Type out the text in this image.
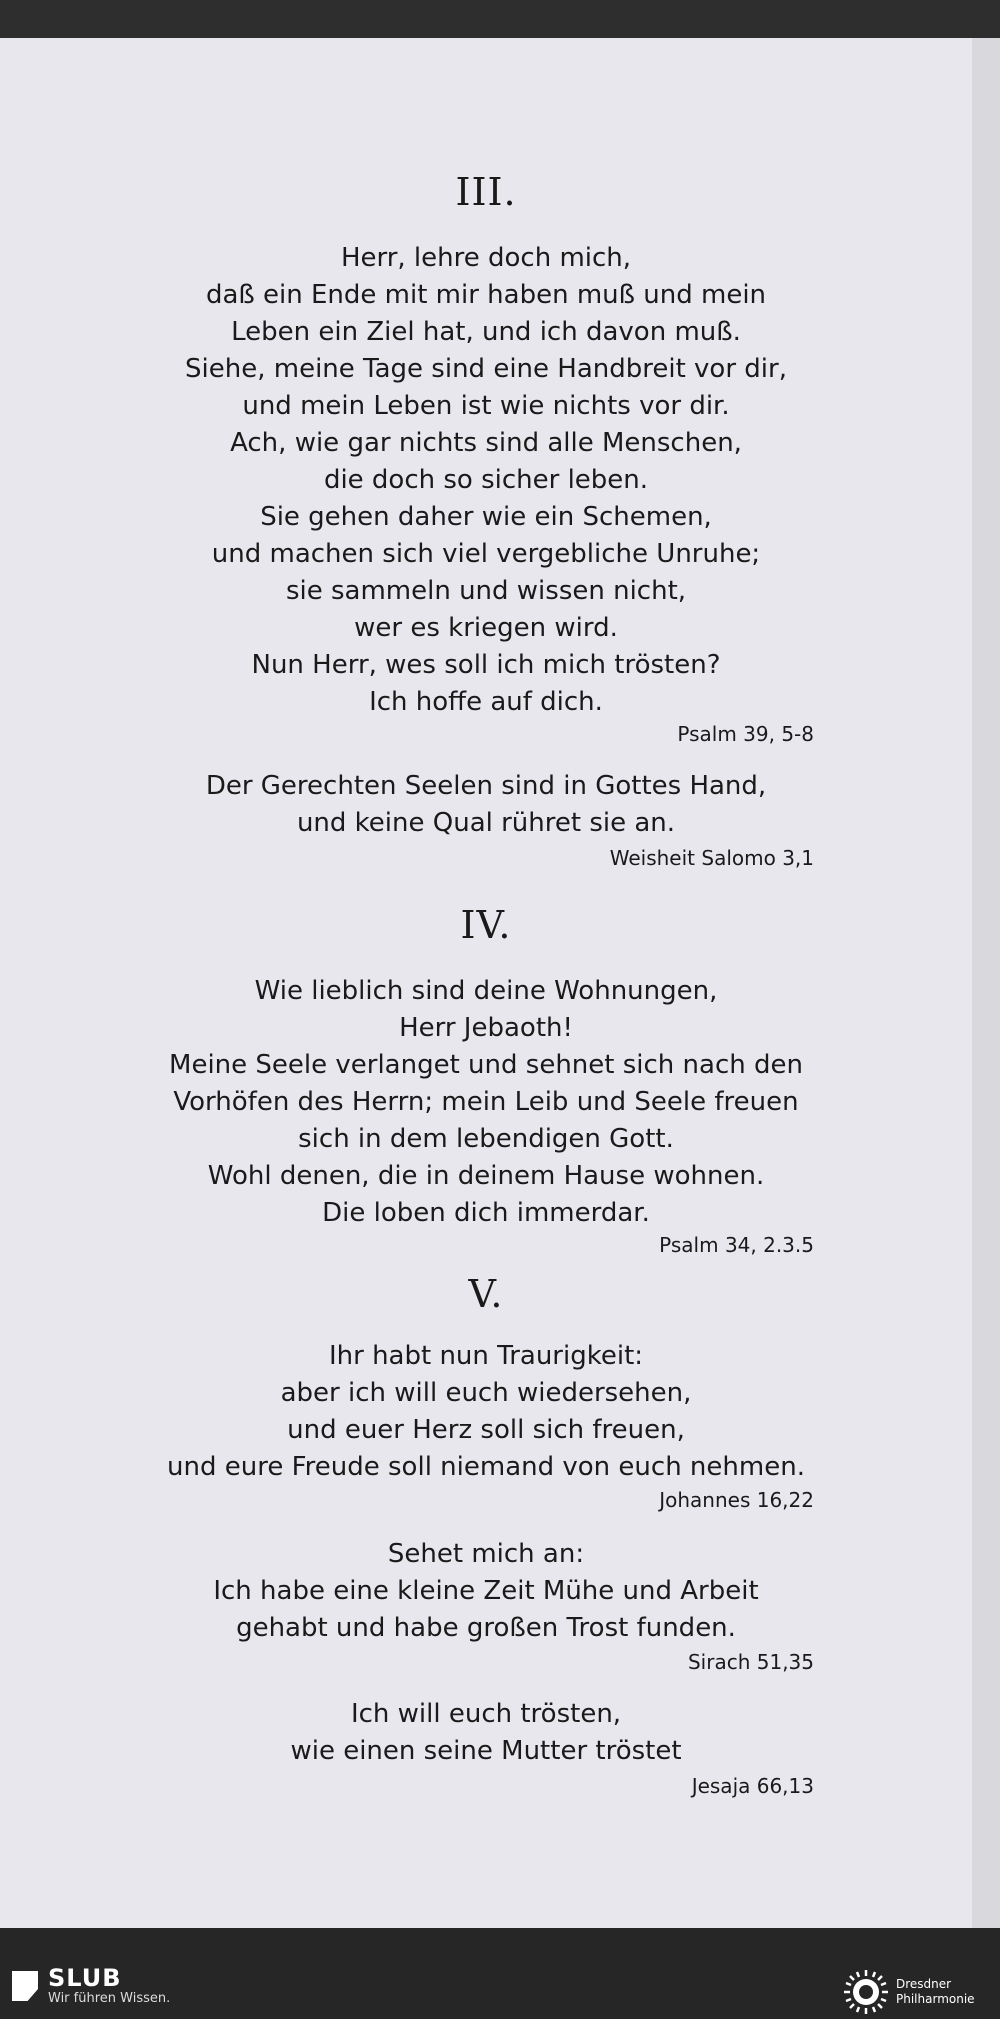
III.
Herr, lehre doch mich,
daß ein Ende mit mir haben muß und mein
Leben ein Ziel hat, und ich davon muß.
Siehe, meine Tage sind eine Handbreit vor dir,
und mein Leben ist wie nichts vor dir.
Ach, wie gar nichts sind alle Menschen,
die doch so sicher leben.
Sie gehen daher wie ein Schemen,
und machen sich viel vergebliche Unruhe;
sie sammeln und wissen nicht,
wer es kriegen wird.
Nun Herr, wes soll ich mich trösten?
Ich hoffe auf dich.
Psalm 39, 5-8
Der Gerechten Seelen sind in Gottes Hand,
und keine Qual rühret sie an.
Weisheit Salomo 3,1
IV.
Wie lieblich sind deine Wohnungen,
Herr Jebaoth!
Meine Seele verlanget und sehnet sich nach den
Vorhöfen des Herrn; mein Leib und Seele freuen
sich in dem lebendigen Gott.
Wohl denen, die in deinem Hause wohnen.
Die loben dich immerdar.
Psalm 34, 2.3.5
V.
Ihr habt nun Traurigkeit:
aber ich will euch wiedersehen,
und euer Herz soll sich freuen,
und eure Freude soll niemand von euch nehmen.
Johannes 16,22
Sehet mich an:
Ich habe eine kleine Zeit Mühe und Arbeit
gehabt und habe großen Trost funden.
Sirach 51,35
Ich will euch trösten,
wie einen seine Mutter tröstet
Jesaja 66,13
SLUB
Wir führen Wissen.
Dresdner
Philharmonie
